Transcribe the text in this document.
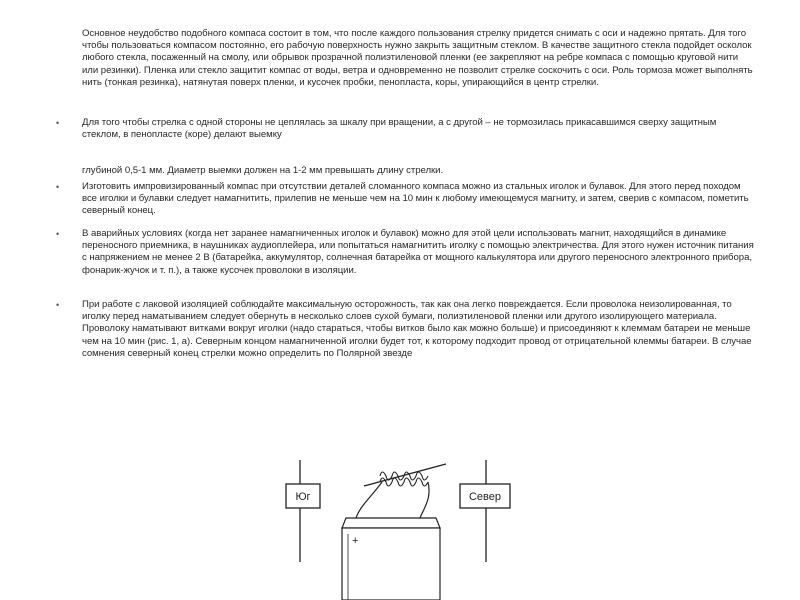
Основное неудобство подобного компаса состоит в том, что после каждого пользования стрелку придется снимать с оси и надежно прятать. Для того чтобы пользоваться компасом постоянно, его рабочую поверхность нужно закрыть защитным стеклом. В качестве защитного стекла подойдет осколок любого стекла, посаженный на смолу, или обрывок прозрачной полиэтиленовой пленки (ее закрепляют на ребре компаса с помощью круговой нити или резинки). Пленка или стекло защитит компас от воды, ветра и одновременно не позволит стрелке соскочить с оси. Роль тормоза может выполнять нить (тонкая резинка), натянутая поверх пленки, и кусочек пробки, пенопласта, коры, упирающийся в центр стрелки.

• Для того чтобы стрелка с одной стороны не цеплялась за шкалу при вращении, а с другой – не тормозилась прикасавшимся сверху защитным стеклом, в пенопласте (коре) делают выемку

глубиной 0,5-1 мм. Диаметр выемки должен на 1-2 мм превышать длину стрелки.

• Изготовить импровизированный компас при отсутствии деталей сломанного компаса можно из стальных иголок и булавок. Для этого перед походом все иголки и булавки следует намагнитить, прилепив не меньше чем на 10 мин к любому имеющемуся магниту, и затем, сверив с компасом, пометить северный конец.

• В аварийных условиях (когда нет заранее намагниченных иголок и булавок) можно для этой цели использовать магнит, находящийся в динамике переносного приемника, в наушниках аудиоплейера, или попытаться намагнитить иголку с помощью электричества. Для этого нужен источник питания с напряжением не менее 2 В (батарейка, аккумулятор, солнечная батарейка от мощного калькулятора или другого переносного электронного прибора, фонарик-жучок и т. п.), а также кусочек проволоки в изоляции.

• При работе с лаковой изоляцией соблюдайте максимальную осторожность, так как она легко повреждается. Если проволока неизолированная, то иголку перед наматыванием следует обернуть в несколько слоев сухой бумаги, полиэтиленовой пленки или другого изолирующего материала. Проволоку наматывают витками вокруг иголки (надо стараться, чтобы витков было как можно больше) и присоединяют к клеммам батареи не меньше чем на 10 мин (рис. 1, а). Северным концом намагниченной иголки будет тот, к которому подходит провод от отрицательной клеммы батареи. В случае сомнения северный конец стрелки можно определить по Полярной звезде

Юг	Север
+
